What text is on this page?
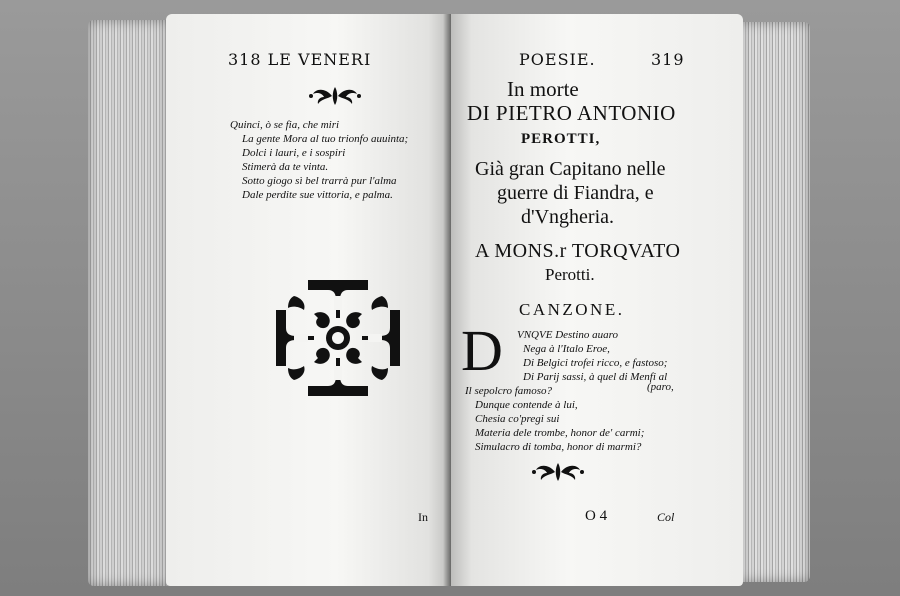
318 LE VENERI
Quinci, ò se fia, che miri
La gente Mora al tuo trionfo auuinta;
Dolci i lauri, e i sospiri
Stimerà da te vinta.
Sotto giogo sì bel trarrà pur l'alma
Dale perdite sue vittoria, e palma.
In
POESIE.	319
In morte
DI PIETRO ANTONIO
PEROTTI,
Già gran Capitano nelle
guerre di Fiandra, e
d'Vngheria.
A MONS.r TORQVATO
Perotti.
CANZONE.
D VNQVE Destino auaro
Nega à l'Italo Eroe,
Di Belgici trofei ricco, e fastoso;
Di Parij sassi, à quel di Menfi al
Il sepolcro famoso?	(paro,
Dunque contende à lui,
Chesia co'pregi sui
Materia dele trombe, honor de' carmi;
Simulacro di tomba, honor di marmi?
O 4	Col
